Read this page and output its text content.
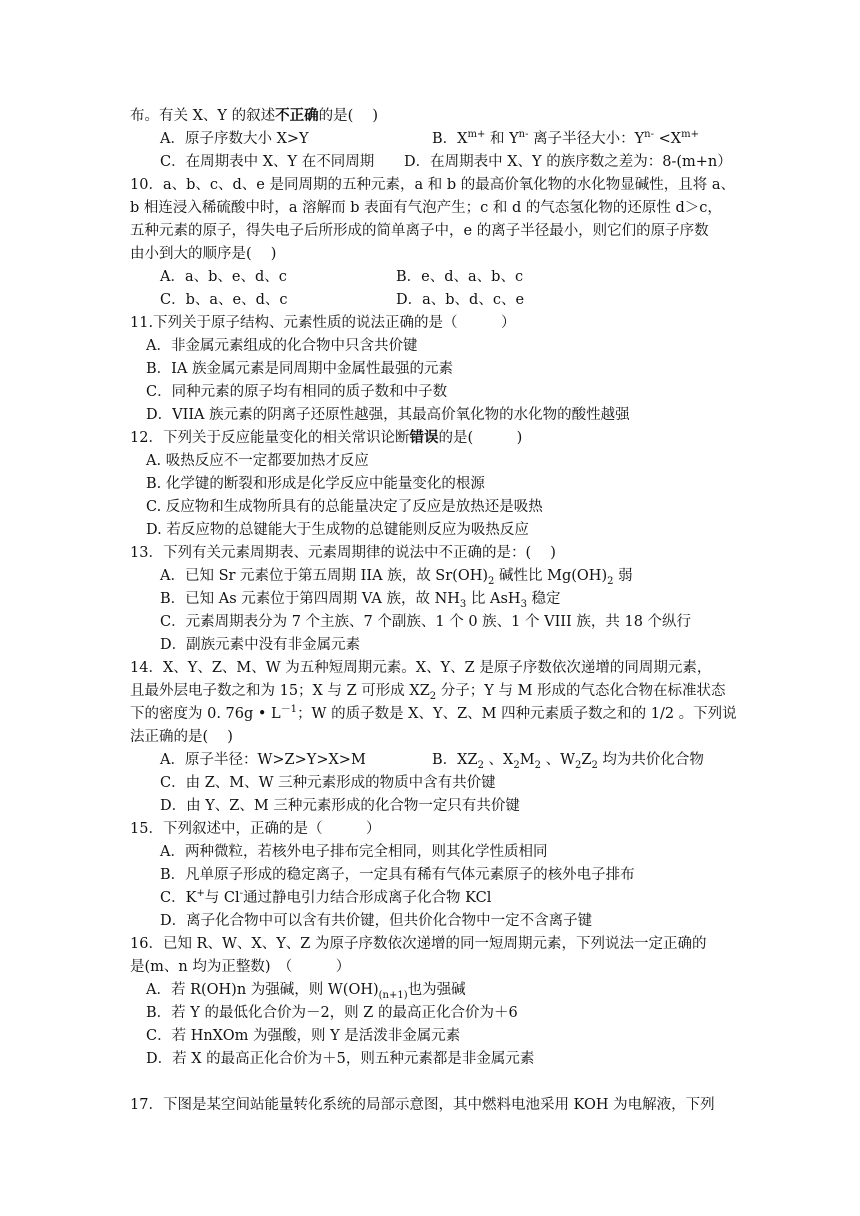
布。有关 X、Y 的叙述不正确的是(　 )
A．原子序数大小 X>Y	B．$X^{m+}$ 和 $Y^{n-}$ 离子半径大小：$Y^{n-} <X^{m+}$
C．在周期表中 X、Y 在不同周期 D．在周期表中 X、Y 的族序数之差为：8-(m+n）
10．a、b、c、d、e 是同周期的五种元素，a 和 b 的最高价氧化物的水化物显碱性，且将 a、
b 相连浸入稀硫酸中时，a 溶解而 b 表面有气泡产生；c 和 d 的气态氢化物的还原性 d＞c，
五种元素的原子，得失电子后所形成的简单离子中，e 的离子半径最小，则它们的原子序数
由小到大的顺序是(　 )
A．a、b、e、d、c	B．e、d、a、b、c
C．b、a、e、d、c	D．a、b、d、c、e
11.下列关于原子结构、元素性质的说法正确的是（　　　）
A．非金属元素组成的化合物中只含共价键
B．IA 族金属元素是同周期中金属性最强的元素
C．同种元素的原子均有相同的质子数和中子数
D．VIIA 族元素的阴离子还原性越强，其最高价氧化物的水化物的酸性越强
12．下列关于反应能量变化的相关常识论断错误的是(　　　)
A. 吸热反应不一定都要加热才反应
B. 化学键的断裂和形成是化学反应中能量变化的根源
C. 反应物和生成物所具有的总能量决定了反应是放热还是吸热
D. 若反应物的总键能大于生成物的总键能则反应为吸热反应
13．下列有关元素周期表、元素周期律的说法中不正确的是：(　 )
A．已知 Sr 元素位于第五周期 IIA 族，故 $Sr(OH)_2$ 碱性比 $Mg(OH)_2$ 弱
B．已知 As 元素位于第四周期 VA 族，故 $NH_3$ 比 AsH$_3$ 稳定
C．元素周期表分为 7 个主族、7 个副族、1 个 0 族、1 个 VIII 族，共 18 个纵行
D．副族元素中没有非金属元素
14．X、Y、Z、M、W 为五种短周期元素。X、Y、Z 是原子序数依次递增的同周期元素，
且最外层电子数之和为 15；X 与 Z 可形成 $XZ_2$ 分子；Y 与 M 形成的气态化合物在标准状态
下的密度为 0. 76g • $L^{-1}$；W 的质子数是 X、Y、Z、M 四种元素质子数之和的 1/2 。下列说
法正确的是(　 )
A．原子半径：W>Z>Y>X>M	B．$XZ_2$ 、$X_2M_2$ 、$W_2Z_2$ 均为共价化合物
C．由 Z、M、W 三种元素形成的物质中含有共价键
D．由 Y、Z、M 三种元素形成的化合物一定只有共价键
15．下列叙述中，正确的是（　　　）
A．两种微粒，若核外电子排布完全相同，则其化学性质相同
B．凡单原子形成的稳定离子，一定具有稀有气体元素原子的核外电子排布
C．K+与 Cl-通过静电引力结合形成离子化合物 KCl
D．离子化合物中可以含有共价键，但共价化合物中一定不含离子键
16．已知 R、W、X、Y、Z 为原子序数依次递增的同一短周期元素，下列说法一定正确的
是(m、n 均为正整数)　（　　　）
A．若 R(OH)n 为强碱，则 $W(OH)_{(n+1)}$也为强碱
B．若 Y 的最低化合价为－2，则 Z 的最高正化合价为＋6
C．若 HnXOm 为强酸，则 Y 是活泼非金属元素
D．若 X 的最高正化合价为＋5，则五种元素都是非金属元素
17．下图是某空间站能量转化系统的局部示意图，其中燃料电池采用 KOH 为电解液，下列
